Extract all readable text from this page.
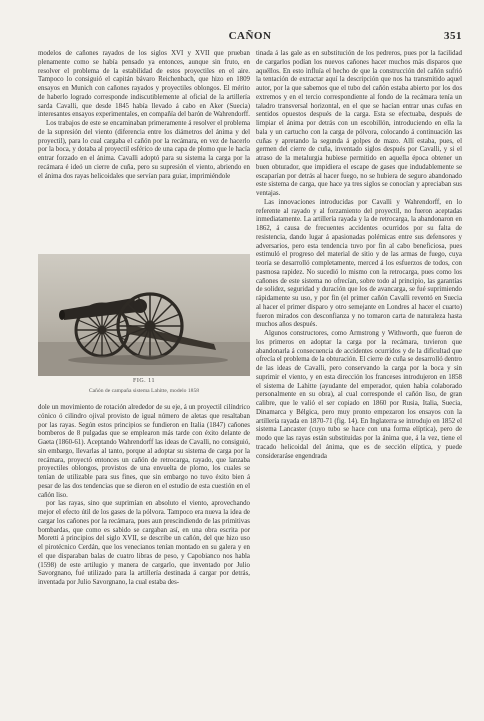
CAÑON	351

modelos de cañones rayados de los siglos XVI y XVII que prueban plenamente como se había pensado ya entonces, aunque sin fruto, en resolver el problema de la estabilidad de estos proyectiles en el aire. Tampoco lo consiguió el capitán bávaro Reichenbach, que hizo en 1809 ensayos en Munich con cañones rayados y proyectiles oblongos. El mérito de haberlo logrado corresponde indiscutiblemente al oficial de la artillería sarda Cavalli, que desde 1845 había llevado á cabo en Aker (Suecia) interesantes ensayos experimentales, en compañía del barón de Wahrendorff.

Los trabajos de este se encaminaban primeramente á resolver el problema de la supresión del viento (diferencia entre los diámetros del ánima y del proyectil), para lo cual cargaba el cañón por la recámara, en vez de hacerlo por la boca, y dotaba al proyectil esférico de una capa de plomo que le hacía entrar forzado en el ánima. Cavalli adoptó para su sistema la carga por la recámara é ideó un cierre de cuña, pero su supresión el viento, abriendo en el ánima dos rayas helicoidales que servían para guiar, imprimiéndole

FIG. 11
Cañón de campaña sistema Lahitte, modelo 1858

dole un movimiento de rotación alrededor de su eje, á un proyectil cilíndrico cónico ó cilindro ojival provisto de igual número de aletas que resaltaban por las rayas. Según estos principios se fundieron en Italia (1847) cañones bomberos de 8 pulgadas que se emplearon más tarde con éxito delante de Gaeta (1860-61). Aceptando Wahrendorff las ideas de Cavalli, no consiguió, sin embargo, llevarlas al tanto, porque al adoptar su sistema de carga por la recámara, proyectó entonces un cañón de retrocarga, rayado, que lanzaba proyectiles oblongos, provistos de una envuelta de plomo, los cuales se tenían de utilizable para sus fines, que sin embargo no tuvo éxito bien á pesar de las dos tendencias que se dieron en el estudio de esta cuestión en el cañón liso.

por las rayas, sino que suprimían en absoluto el viento, aprovechando mejor el efecto útil de los gases de la pólvora. Tampoco era nueva la idea de cargar los cañones por la recámara, pues aun prescindiendo de las primitivas bombardas, que como es sabido se cargaban así, en una obra escrita por Moretti á principios del siglo XVII, se describe un cañón, del que hizo uso el pirotécnico Cerdán, que los venecianos tenían montado en su galera y en el que disparaban balas de cuatro libras de peso, y Capobianco nos habla (1598) de este artilugio y manera de cargarlo, que inventado por Julio Savorgnano, fué utilizado para la artillería destinada á cargar por detrás, inventada por Julio Savorgnano, la cual estaba des-

tinada á las gale as en substitución de los pedreros, pues por la facilidad de cargarlos podían los nuevos cañones hacer muchos más disparos que aquéllos. En esto influía el hecho de que la construcción del cañón sufrió la tentación de extractar aquí la descripción que nos ha transmitido aquel autor, por la que sabemos que el tubo del cañón estaba abierto por los dos extremos y en el tercio correspondiente al fondo de la recámara tenía un taladro transversal horizontal, en el que se hacían entrar unas cuñas en sentidos opuestos después de la carga. Esta se efectuaba, después de limpiar el ánima por detrás con un escobillón, introduciendo en ella la bala y un cartucho con la carga de pólvora, colocando á continuación las cuñas y apretando la segunda á golpes de mazo. Allí estaba, pues, el germen del cierre de cuña, inventado siglos después por Cavalli, y si el atraso de la metalurgia hubiese permitido en aquella época obtener un buen obturador, que impidiera el escape de gases que indudablemente se escaparían por detrás al hacer fuego, no se hubiera de seguro abandonado este sistema de carga, que hace ya tres siglos se conocían y apreciaban sus ventajas.

Las innovaciones introducidas por Cavalli y Wahrendorff, en lo referente al rayado y al forzamiento del proyectil, no fueron aceptadas inmediatamente. La artillería rayada y la de retrocarga, la abandonaron en 1862, á causa de frecuentes accidentes ocurridos por su falta de resistencia, dando lugar á apasionadas polémicas entre sus defensores y adversarios, pero esta tendencia tuvo por fin al cabo beneficiosa, pues estimuló el progreso del material de sitio y de las armas de fuego, cuya teoría se desarrolló completamente, merced á los esfuerzos de todos, con pasmosa rapidez. No sucedió lo mismo con la retrocarga, pues como los cañones de este sistema no ofrecían, sobre todo al principio, las garantías de solidez, seguridad y duración que los de avancarga, se fué suprimiendo rápidamente su uso, y por fin (el primer cañón Cavalli reventó en Suecia al hacer el primer disparo y otro semejante en Londres al hacer el cuarto) fueron mirados con desconfianza y no tomaron carta de naturaleza hasta muchos años después.

Algunos constructores, como Armstrong y Withworth, que fueron de los primeros en adoptar la carga por la recámara, tuvieron que abandonarla á consecuencia de accidentes ocurridos y de la dificultad que ofrecía el problema de la obturación. El cierre de cuña se desarrolló dentro de las ideas de Cavalli, pero conservando la carga por la boca y sin suprimir el viento, y en esta dirección los franceses introdujeron en 1858 el sistema de Lahitte (ayudante del emperador, quien había colaborado personalmente en su obra), al cual corresponde el cañón liso, de gran calibre, que le valió el ser copiado en 1860 por Rusia, Italia, Suecia, Dinamarca y Bélgica, pero muy pronto empezaron los ensayos con la artillería rayada en 1870-71 (fig. 14). En Inglaterra se introdujo en 1852 el sistema Lancaster (cuyo tubo se hace con una forma elíptica), pero de modo que las rayas están substituidas por la ánima que, á la vez, tiene el tracado helicoidal del ánima, que es de sección elíptica, y puede consideraráse engendrada
